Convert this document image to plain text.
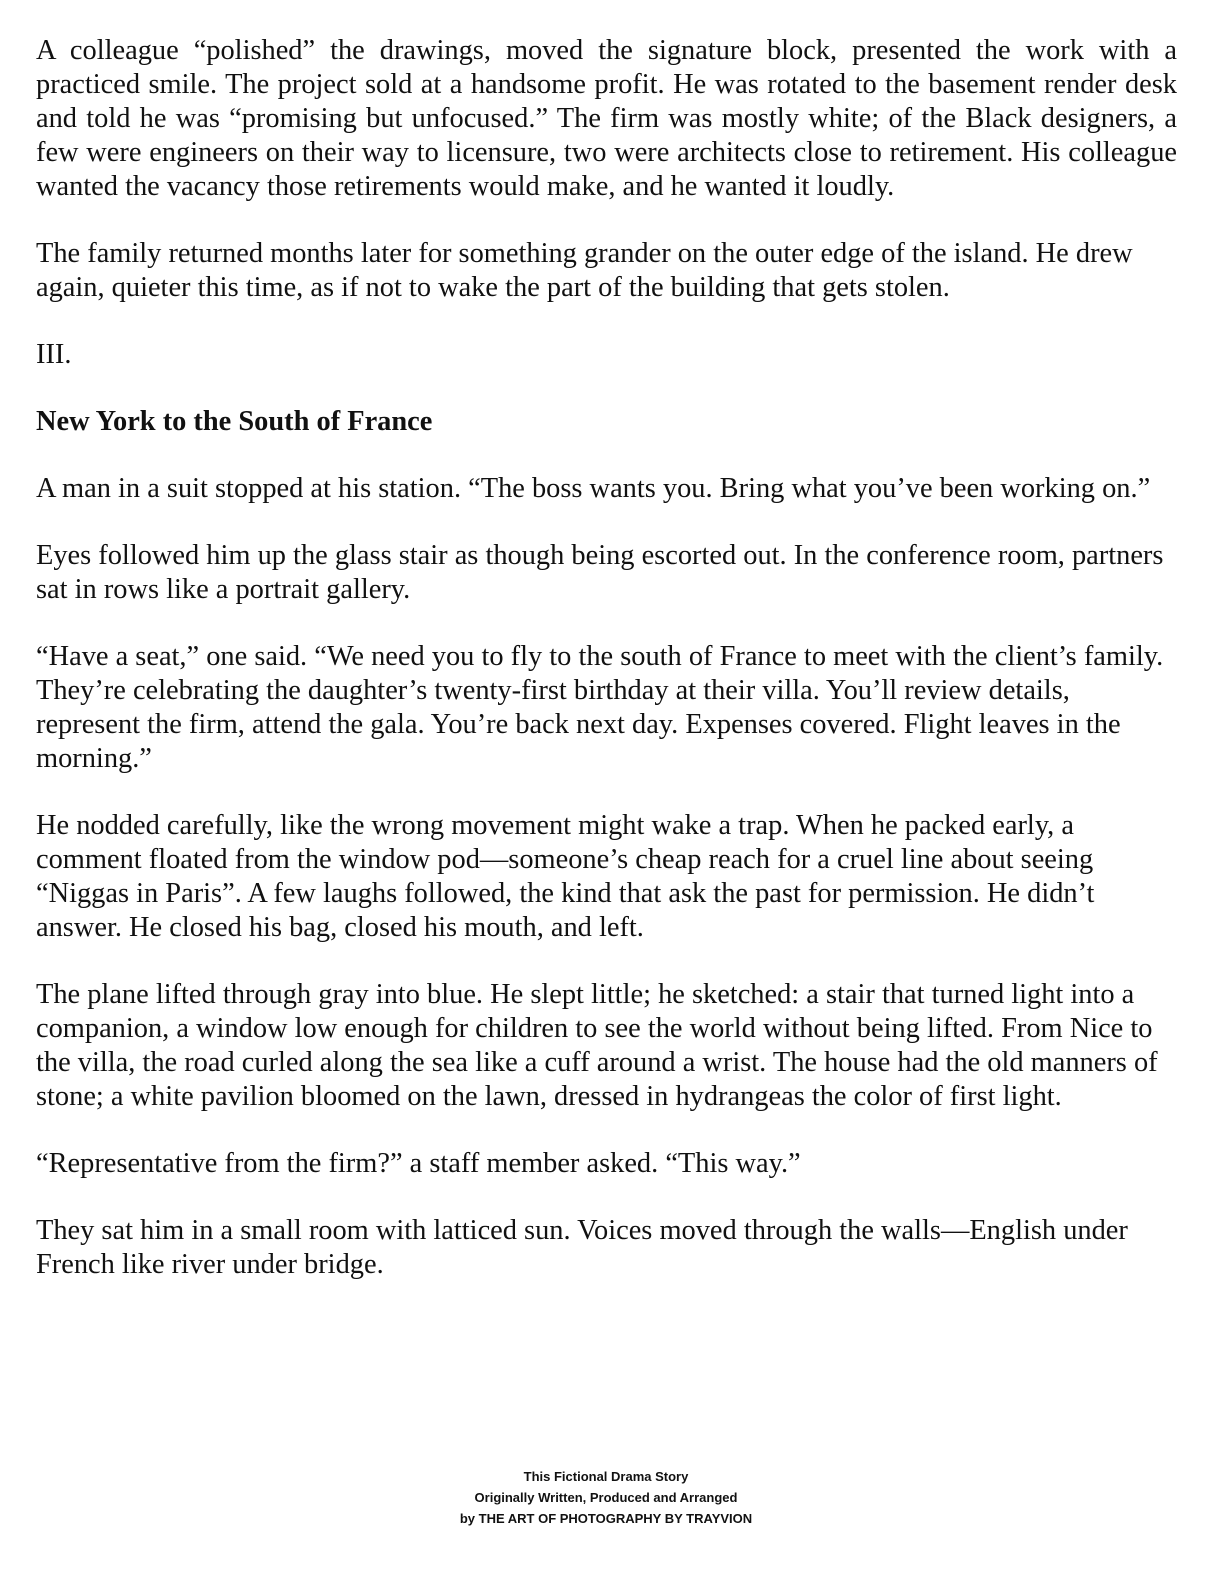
A colleague “polished” the drawings, moved the signature block, presented the work with a practiced smile. The project sold at a handsome profit. He was rotated to the basement render desk and told he was “promising but unfocused.” The firm was mostly white; of the Black designers, a few were engineers on their way to licensure, two were architects close to retirement. His colleague wanted the vacancy those retirements would make, and he wanted it loudly.

The family returned months later for something grander on the outer edge of the island. He drew again, quieter this time, as if not to wake the part of the building that gets stolen.

III.

New York to the South of France

A man in a suit stopped at his station. “The boss wants you. Bring what you’ve been working on.”

Eyes followed him up the glass stair as though being escorted out. In the conference room, partners sat in rows like a portrait gallery.

“Have a seat,” one said. “We need you to fly to the south of France to meet with the client’s family. They’re celebrating the daughter’s twenty-first birthday at their villa. You’ll review details, represent the firm, attend the gala. You’re back next day. Expenses covered. Flight leaves in the morning.”

He nodded carefully, like the wrong movement might wake a trap. When he packed early, a comment floated from the window pod—someone’s cheap reach for a cruel line about seeing “Niggas in Paris”. A few laughs followed, the kind that ask the past for permission. He didn’t answer. He closed his bag, closed his mouth, and left.

The plane lifted through gray into blue. He slept little; he sketched: a stair that turned light into a companion, a window low enough for children to see the world without being lifted. From Nice to the villa, the road curled along the sea like a cuff around a wrist. The house had the old manners of stone; a white pavilion bloomed on the lawn, dressed in hydrangeas the color of first light.

“Representative from the firm?” a staff member asked. “This way.”

They sat him in a small room with latticed sun. Voices moved through the walls—English under French like river under bridge.

This Fictional Drama Story
Originally Written, Produced and Arranged
by THE ART OF PHOTOGRAPHY BY TRAYVION
